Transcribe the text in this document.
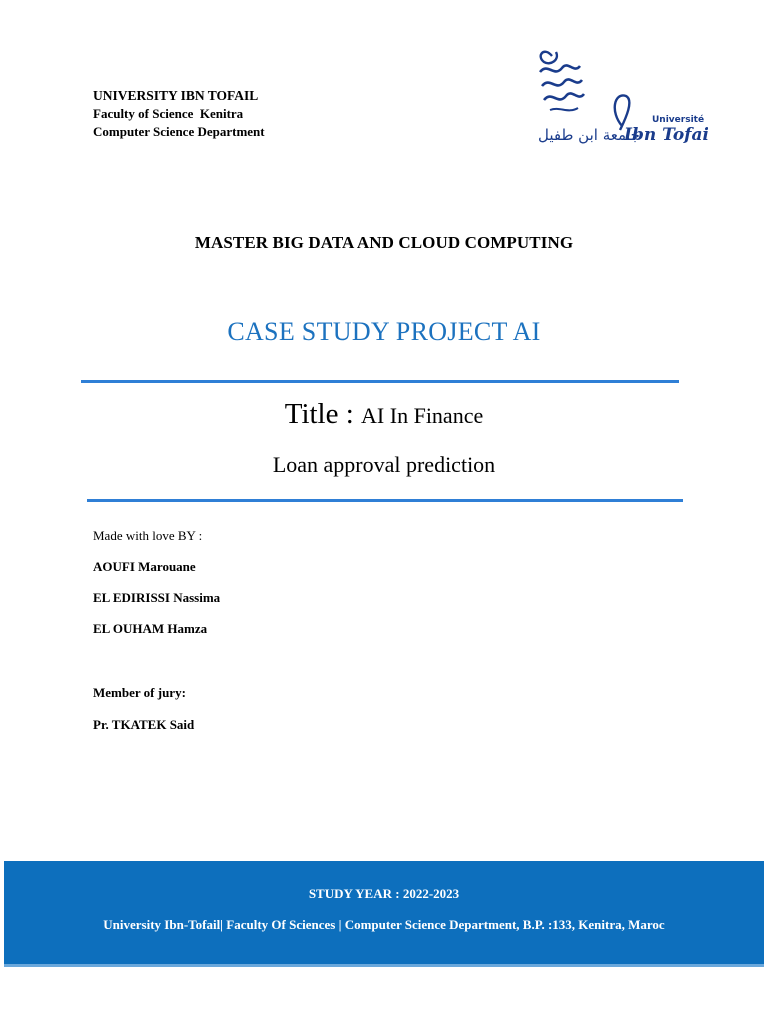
UNIVERSITY IBN TOFAIL
Faculty of Science  Kenitra
Computer Science Department
Université
Ibn Tofail
جامعة ابن طفيل
MASTER BIG DATA AND CLOUD COMPUTING
CASE STUDY PROJECT AI
Title : AI In Finance
Loan approval prediction
Made with love BY :
AOUFI Marouane
EL EDIRISSI Nassima
EL OUHAM Hamza
Member of jury:
Pr. TKATEK Said
STUDY YEAR : 2022-2023
University Ibn-Tofail| Faculty Of Sciences | Computer Science Department, B.P. :133, Kenitra, Maroc
